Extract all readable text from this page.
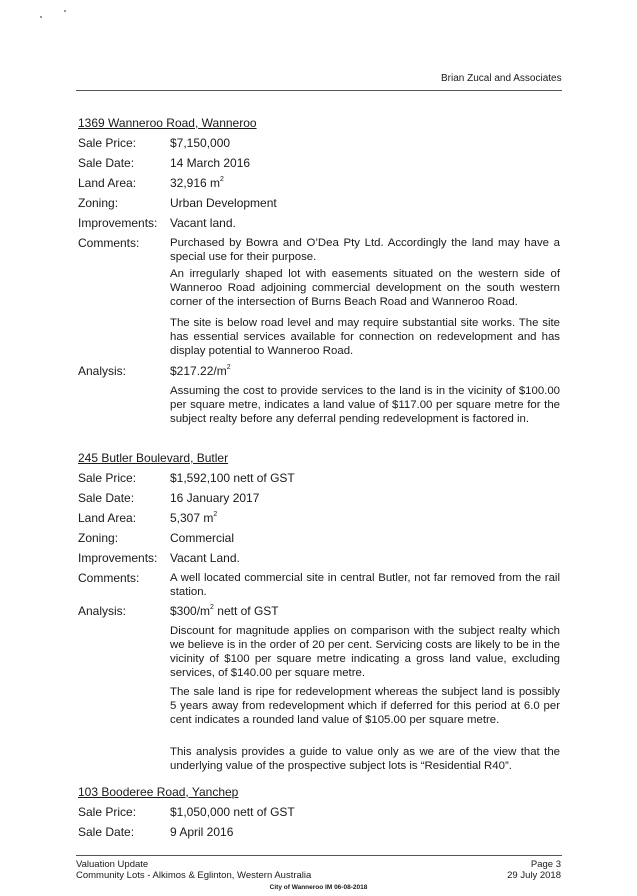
Brian Zucal and Associates
1369 Wanneroo Road, Wanneroo
Sale Price:	$7,150,000
Sale Date:	14 March 2016
Land Area:	32,916 $m^2$
Zoning:	Urban Development
Improvements: Vacant land.
Comments:	Purchased by Bowra and O’Dea Pty Ltd. Accordingly the land may have a special use for their purpose.
An irregularly shaped lot with easements situated on the western side of Wanneroo Road adjoining commercial development on the south western corner of the intersection of Burns Beach Road and Wanneroo Road.
The site is below road level and may require substantial site works. The site has essential services available for connection on redevelopment and has display potential to Wanneroo Road.
Analysis:	$\$217.22/m^2$
Assuming the cost to provide services to the land is in the vicinity of $100.00 per square metre, indicates a land value of $117.00 per square metre for the subject realty before any deferral pending redevelopment is factored in.
245 Butler Boulevard, Butler
Sale Price:	$1,592,100 nett of GST
Sale Date:	16 January 2017
Land Area:	5,307 $m^2$
Zoning:	Commercial
Improvements: Vacant Land.
Comments:	A well located commercial site in central Butler, not far removed from the rail station.
Analysis:	$\$300/m^2$ nett of GST
Discount for magnitude applies on comparison with the subject realty which we believe is in the order of 20 per cent. Servicing costs are likely to be in the vicinity of $100 per square metre indicating a gross land value, excluding services, of $140.00 per square metre.
The sale land is ripe for redevelopment whereas the subject land is possibly 5 years away from redevelopment which if deferred for this period at 6.0 per cent indicates a rounded land value of $105.00 per square metre.
This analysis provides a guide to value only as we are of the view that the underlying value of the prospective subject lots is “Residential R40”.
103 Booderee Road, Yanchep
Sale Price:	$1,050,000 nett of GST
Sale Date:	9 April 2016
Valuation Update
Community Lots - Alkimos & Eglinton, Western Australia
Page 3
29 July 2018
City of Wanneroo IM 06-08-2018
